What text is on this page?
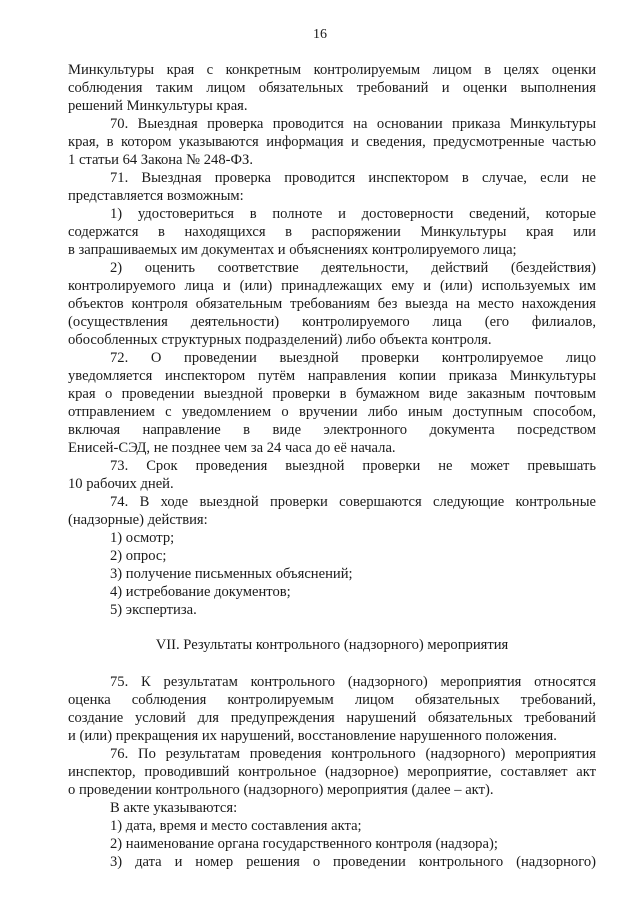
16
Минкультуры края с конкретным контролируемым лицом в целях оценки
соблюдения таким лицом обязательных требований и оценки выполнения
решений Минкультуры края.
70. Выездная проверка проводится на основании приказа Минкультуры
края, в котором указываются информация и сведения, предусмотренные частью
1 статьи 64 Закона № 248-ФЗ.
71. Выездная проверка проводится инспектором в случае, если не
представляется возможным:
1) удостовериться в полноте и достоверности сведений, которые
содержатся в находящихся в распоряжении Минкультуры края или
в запрашиваемых им документах и объяснениях контролируемого лица;
2) оценить соответствие деятельности, действий (бездействия)
контролируемого лица и (или) принадлежащих ему и (или) используемых им
объектов контроля обязательным требованиям без выезда на место нахождения
(осуществления деятельности) контролируемого лица (его филиалов,
обособленных структурных подразделений) либо объекта контроля.
72. О проведении выездной проверки контролируемое лицо
уведомляется инспектором путём направления копии приказа Минкультуры
края о проведении выездной проверки в бумажном виде заказным почтовым
отправлением с уведомлением о вручении либо иным доступным способом,
включая направление в виде электронного документа посредством
Енисей-СЭД, не позднее чем за 24 часа до её начала.
73. Срок проведения выездной проверки не может превышать
10 рабочих дней.
74. В ходе выездной проверки совершаются следующие контрольные
(надзорные) действия:
1) осмотр;
2) опрос;
3) получение письменных объяснений;
4) истребование документов;
5) экспертиза.
VII. Результаты контрольного (надзорного) мероприятия
75. К результатам контрольного (надзорного) мероприятия относятся
оценка соблюдения контролируемым лицом обязательных требований,
создание условий для предупреждения нарушений обязательных требований
и (или) прекращения их нарушений, восстановление нарушенного положения.
76. По результатам проведения контрольного (надзорного) мероприятия
инспектор, проводивший контрольное (надзорное) мероприятие, составляет акт
о проведении контрольного (надзорного) мероприятия (далее – акт).
В акте указываются:
1) дата, время и место составления акта;
2) наименование органа государственного контроля (надзора);
3) дата и номер решения о проведении контрольного (надзорного)
